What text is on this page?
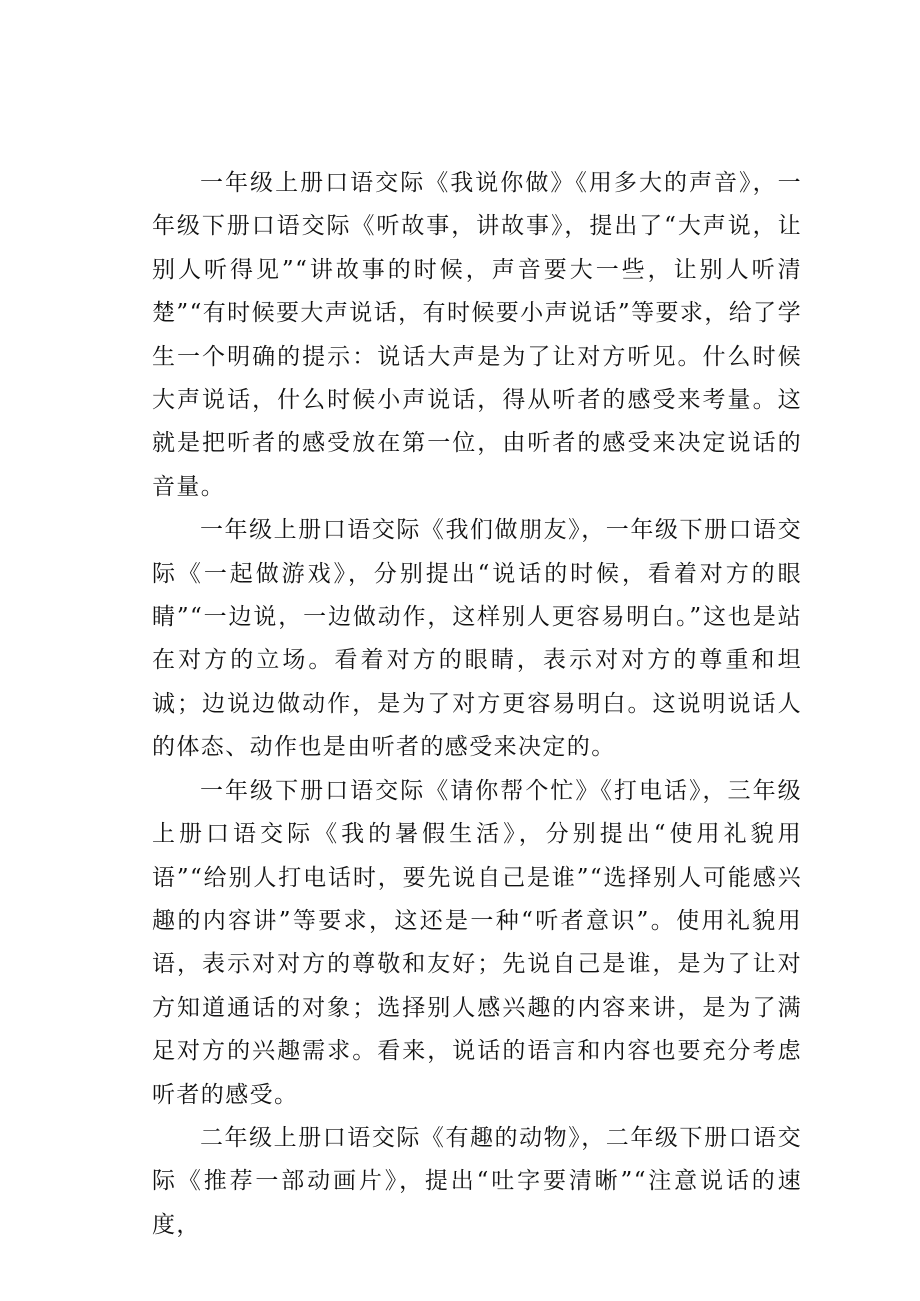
一年级上册口语交际《我说你做》《用多大的声音》，一年级下册口语交际《听故事，讲故事》，提出了“大声说，让别人听得见”“讲故事的时候，声音要大一些，让别人听清楚”“有时候要大声说话，有时候要小声说话”等要求，给了学生一个明确的提示：说话大声是为了让对方听见。什么时候大声说话，什么时候小声说话，得从听者的感受来考量。这就是把听者的感受放在第一位，由听者的感受来决定说话的音量。

一年级上册口语交际《我们做朋友》，一年级下册口语交际《一起做游戏》，分别提出“说话的时候，看着对方的眼睛”“一边说，一边做动作，这样别人更容易明白。”这也是站在对方的立场。看着对方的眼睛，表示对对方的尊重和坦诚；边说边做动作，是为了对方更容易明白。这说明说话人的体态、动作也是由听者的感受来决定的。

一年级下册口语交际《请你帮个忙》《打电话》，三年级上册口语交际《我的暑假生活》，分别提出“使用礼貌用语”“给别人打电话时，要先说自己是谁”“选择别人可能感兴趣的内容讲”等要求，这还是一种“听者意识”。使用礼貌用语，表示对对方的尊敬和友好；先说自己是谁，是为了让对方知道通话的对象；选择别人感兴趣的内容来讲，是为了满足对方的兴趣需求。看来，说话的语言和内容也要充分考虑听者的感受。

二年级上册口语交际《有趣的动物》，二年级下册口语交际《推荐一部动画片》，提出“吐字要清晰”“注意说话的速度，
